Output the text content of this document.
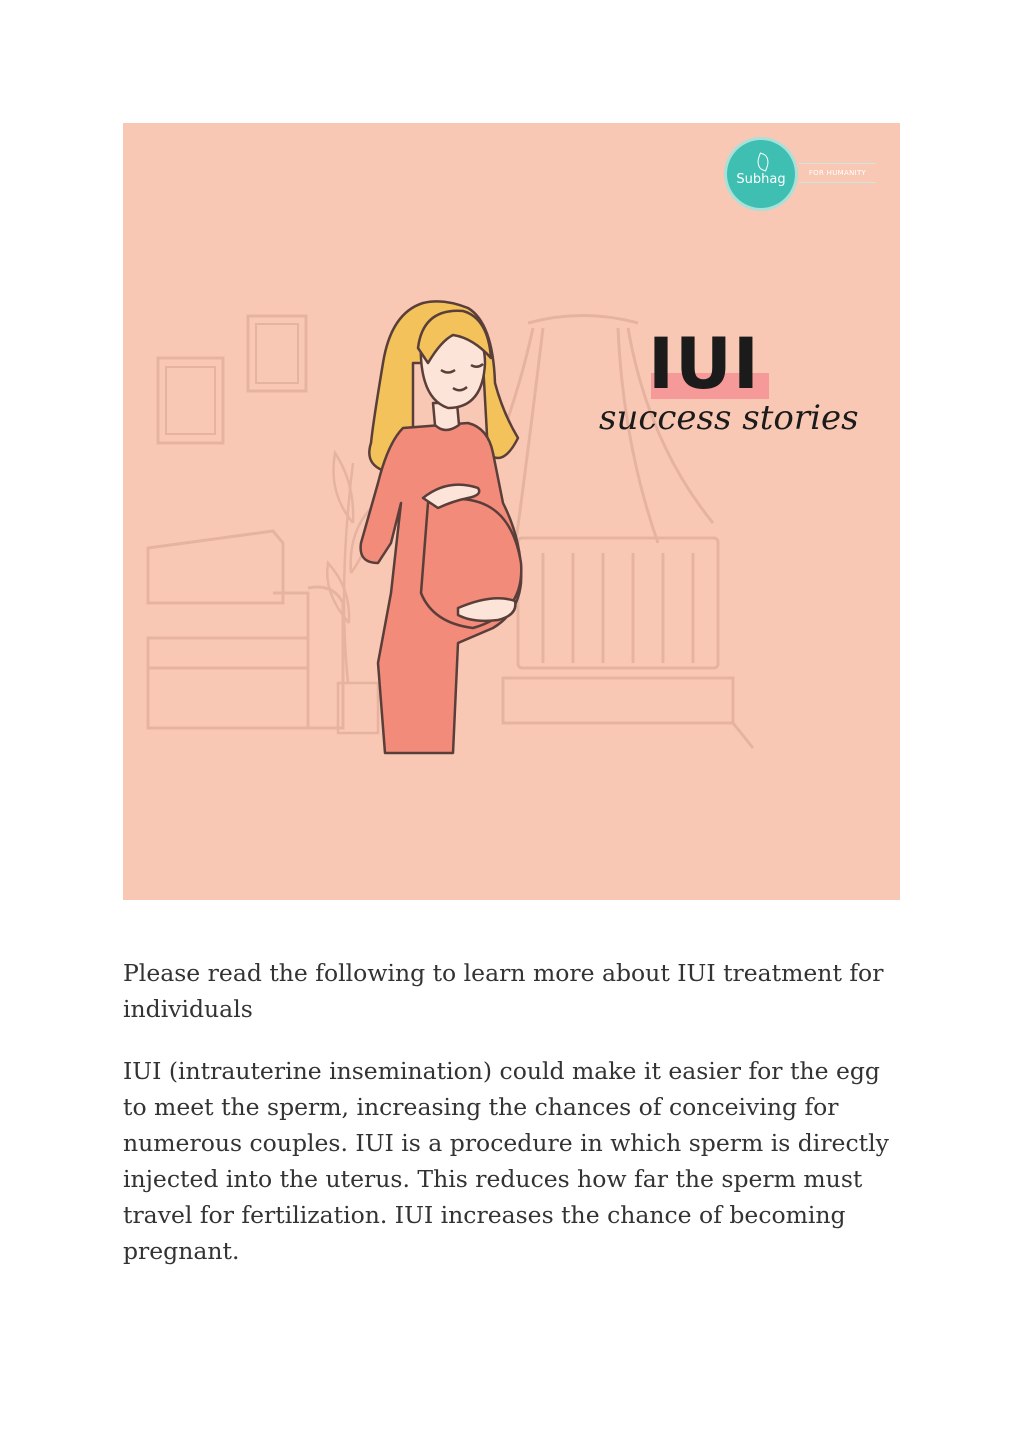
Subhag	FOR HUMANITY
IUI
success stories

Please read the following to learn more about IUI treatment for individuals

IUI (intrauterine insemination) could make it easier for the egg to meet the sperm, increasing the chances of conceiving for numerous couples. IUI is a procedure in which sperm is directly injected into the uterus. This reduces how far the sperm must travel for fertilization. IUI increases the chance of becoming pregnant.
